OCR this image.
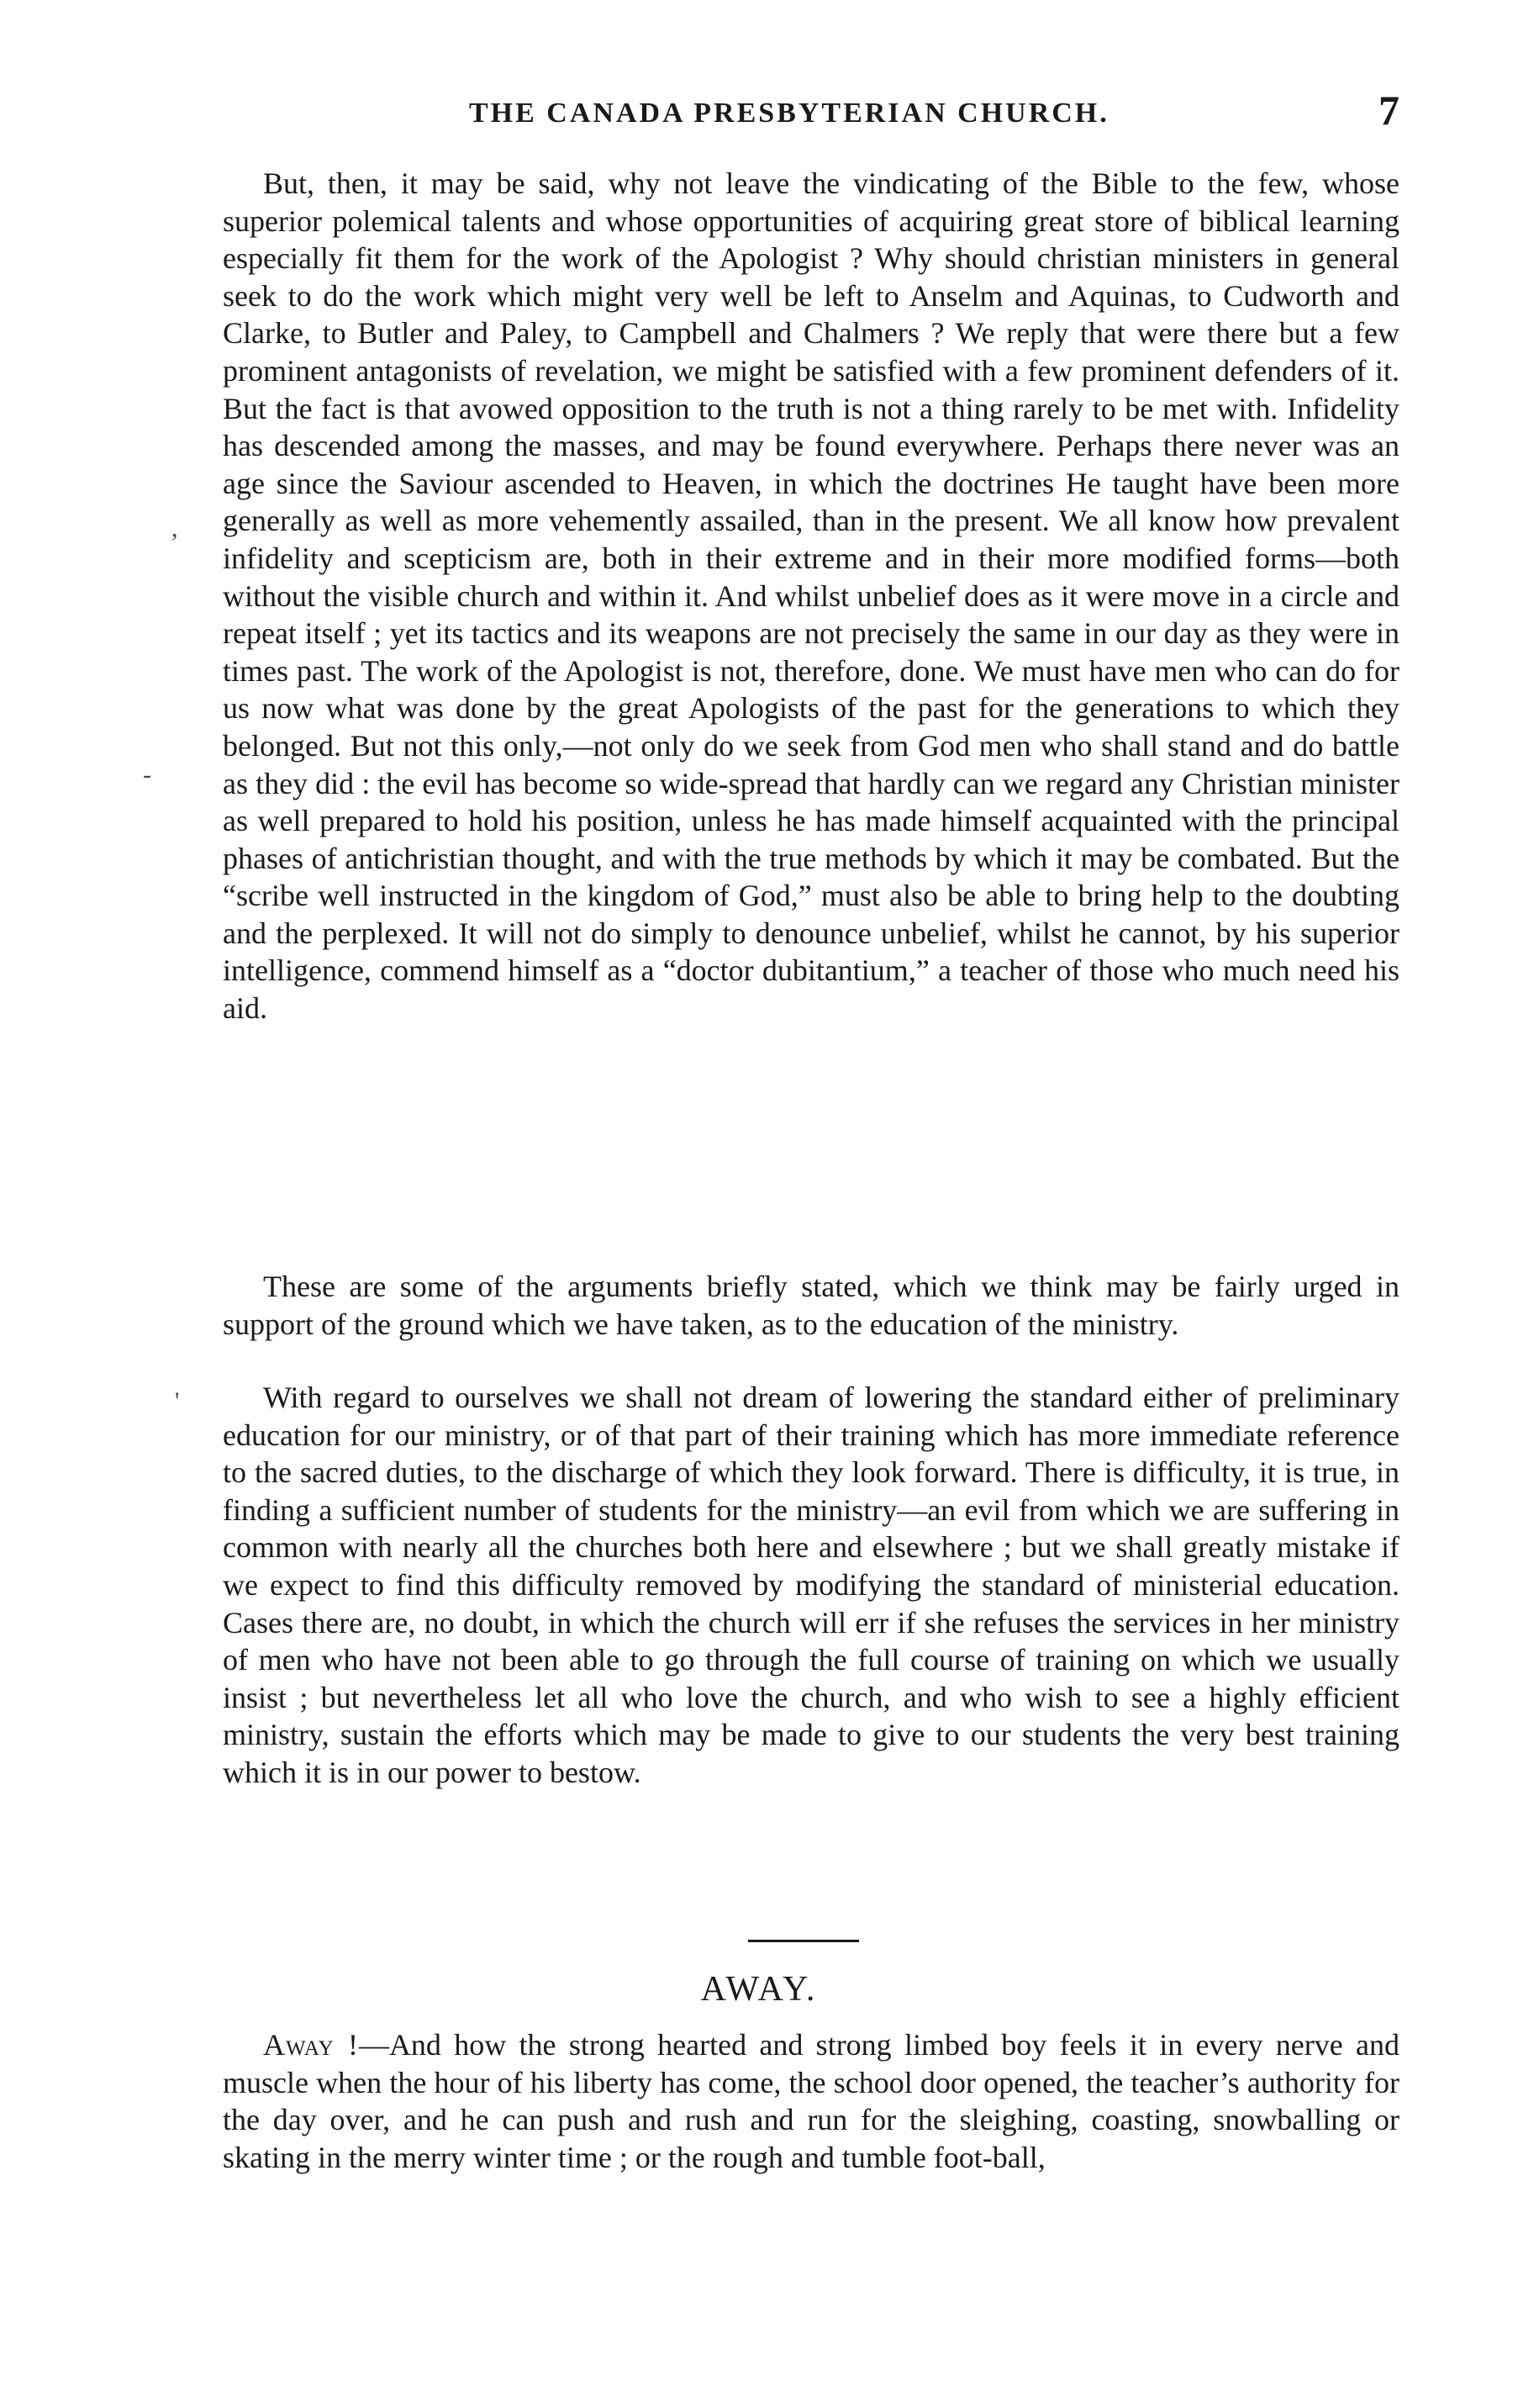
THE CANADA PRESBYTERIAN CHURCH.	7
,
-
'

But, then, it may be said, why not leave the vindicating of the Bible to the few, whose superior polemical talents and whose opportunities of acquiring great store of biblical learning especially fit them for the work of the Apologist ? Why should christian ministers in general seek to do the work which might very well be left to Anselm and Aquinas, to Cudworth and Clarke, to Butler and Paley, to Campbell and Chalmers ? We reply that were there but a few prominent antagonists of revelation, we might be satisfied with a few prominent defenders of it. But the fact is that avowed opposition to the truth is not a thing rarely to be met with. Infidelity has descended among the masses, and may be found everywhere. Perhaps there never was an age since the Saviour ascended to Heaven, in which the doctrines He taught have been more generally as well as more vehemently assailed, than in the present. We all know how prevalent infidelity and scepticism are, both in their extreme and in their more modified forms—both without the visible church and within it. And whilst unbelief does as it were move in a circle and repeat itself ; yet its tactics and its weapons are not precisely the same in our day as they were in times past. The work of the Apologist is not, therefore, done. We must have men who can do for us now what was done by the great Apologists of the past for the generations to which they belonged. But not this only,—not only do we seek from God men who shall stand and do battle as they did : the evil has become so wide-spread that hardly can we regard any Christian minister as well prepared to hold his position, unless he has made himself acquainted with the principal phases of antichristian thought, and with the true methods by which it may be combated. But the “scribe well instructed in the kingdom of God,” must also be able to bring help to the doubting and the perplexed. It will not do simply to denounce unbelief, whilst he cannot, by his superior intelligence, commend himself as a “doctor dubitantium,” a teacher of those who much need his aid.

These are some of the arguments briefly stated, which we think may be fairly urged in support of the ground which we have taken, as to the education of the ministry.

With regard to ourselves we shall not dream of lowering the standard either of preliminary education for our ministry, or of that part of their training which has more immediate reference to the sacred duties, to the discharge of which they look forward. There is difficulty, it is true, in finding a sufficient number of students for the ministry—an evil from which we are suffering in common with nearly all the churches both here and elsewhere ; but we shall greatly mistake if we expect to find this difficulty removed by modifying the standard of ministerial education. Cases there are, no doubt, in which the church will err if she refuses the services in her ministry of men who have not been able to go through the full course of training on which we usually insist ; but nevertheless let all who love the church, and who wish to see a highly efficient ministry, sustain the efforts which may be made to give to our students the very best training which it is in our power to bestow.

AWAY.

Away !—And how the strong hearted and strong limbed boy feels it in every nerve and muscle when the hour of his liberty has come, the school door opened, the teacher’s authority for the day over, and he can push and rush and run for the sleighing, coasting, snowballing or skating in the merry winter time ; or the rough and tumble foot-ball,
